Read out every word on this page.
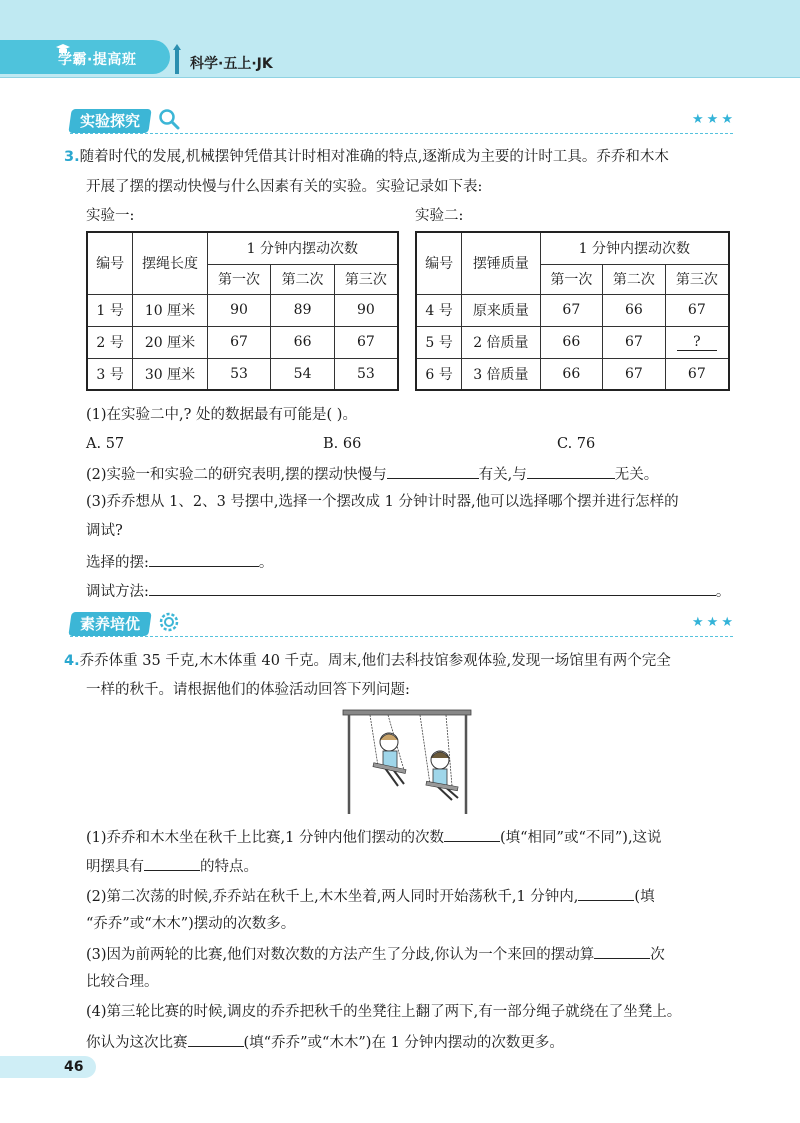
学霸·提高班	科学·五上·JK
实验探究	★★★
3.随着时代的发展,机械摆钟凭借其计时相对准确的特点,逐渐成为主要的计时工具。乔乔和木木
开展了摆的摆动快慢与什么因素有关的实验。实验记录如下表:
实验一:	实验二:
编号	摆绳长度	1 分钟内摆动次数		
		第一次	第二次	第三次
1 号	10 厘米	90	89	90
2 号	20 厘米	67	66	67
3 号	30 厘米	53	54	53
编号	摆锤质量	1 分钟内摆动次数		
		第一次	第二次	第三次
4 号	原来质量	67	66	67
5 号	2 倍质量	66	67	?
6 号	3 倍质量	66	67	67
(1)在实验二中,? 处的数据最有可能是( )。
A. 57	B. 66	C. 76
(2)实验一和实验二的研究表明,摆的摆动快慢与	有关,与	无关。
(3)乔乔想从 1、2、3 号摆中,选择一个摆改成 1 分钟计时器,他可以选择哪个摆并进行怎样的
调试?
选择的摆:	。
调试方法:	。
素养培优	★★★
4.乔乔体重 35 千克,木木体重 40 千克。周末,他们去科技馆参观体验,发现一场馆里有两个完全
一样的秋千。请根据他们的体验活动回答下列问题:
(1)乔乔和木木坐在秋千上比赛,1 分钟内他们摆动的次数	(填“相同”或“不同”),这说
明摆具有	的特点。
(2)第二次荡的时候,乔乔站在秋千上,木木坐着,两人同时开始荡秋千,1 分钟内,	(填
“乔乔”或“木木”)摆动的次数多。
(3)因为前两轮的比赛,他们对数次数的方法产生了分歧,你认为一个来回的摆动算	次
比较合理。
(4)第三轮比赛的时候,调皮的乔乔把秋千的坐凳往上翻了两下,有一部分绳子就绕在了坐凳上。
你认为这次比赛	(填“乔乔”或“木木”)在 1 分钟内摆动的次数更多。
46
